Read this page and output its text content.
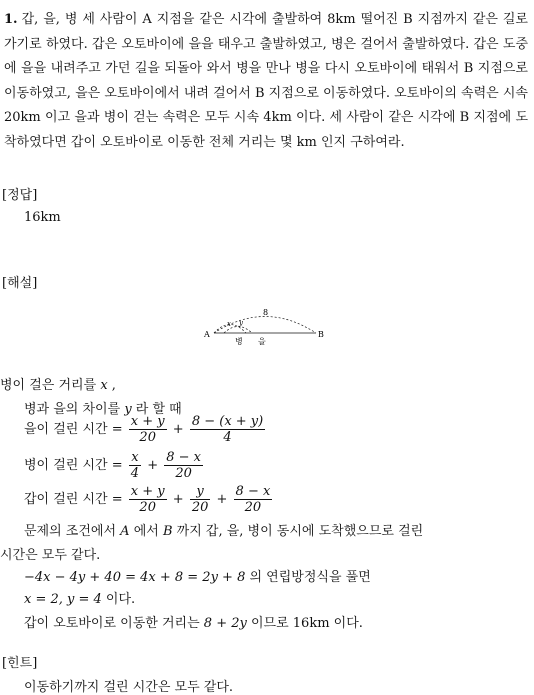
1. 갑, 을, 병 세 사람이 A 지점을 같은 시각에 출발하여 8km 떨어진 B 지점까지 같은 길로 가기로 하였다. 갑은 오토바이에 을을 태우고 출발하였고, 병은 걸어서 출발하였다. 갑은 도중에 을을 내려주고 가던 길을 되돌아 와서 병을 만나 병을 다시 오토바이에 태워서 B 지점으로 이동하였고, 을은 오토바이에서 내려 걸어서 B 지점으로 이동하였다. 오토바이의 속력은 시속 20km 이고 을과 병이 걷는 속력은 모두 시속 4km 이다. 세 사람이 같은 시각에 B 지점에 도착하였다면 갑이 오토바이로 이동한 전체 거리는 몇 km 인지 구하여라.
[정답]
16km
[해설]
A	B
8
x y
병 을
병이 걸은 거리를 x ,
병과 을의 차이를 y 라 할 때
을이 걸린 시간 = $\frac{x + y}{20} + \frac{8 - (x + y)}{4}$
병이 걸린 시간 = $\frac{x}{4} + \frac{8 - x}{20}$
갑이 걸린 시간 = $\frac{x + y}{20} + \frac{y}{20} + \frac{8 - x}{20}$
문제의 조건에서 A 에서 B 까지 갑, 을, 병이 동시에 도착했으므로 걸린
시간은 모두 같다.
−4x − 4y + 40 = 4x + 8 = 2y + 8 의 연립방정식을 풀면
x = 2, y = 4 이다.
갑이 오토바이로 이동한 거리는 8 + 2y 이므로 16km 이다.
[힌트]
이동하기까지 걸린 시간은 모두 같다.
